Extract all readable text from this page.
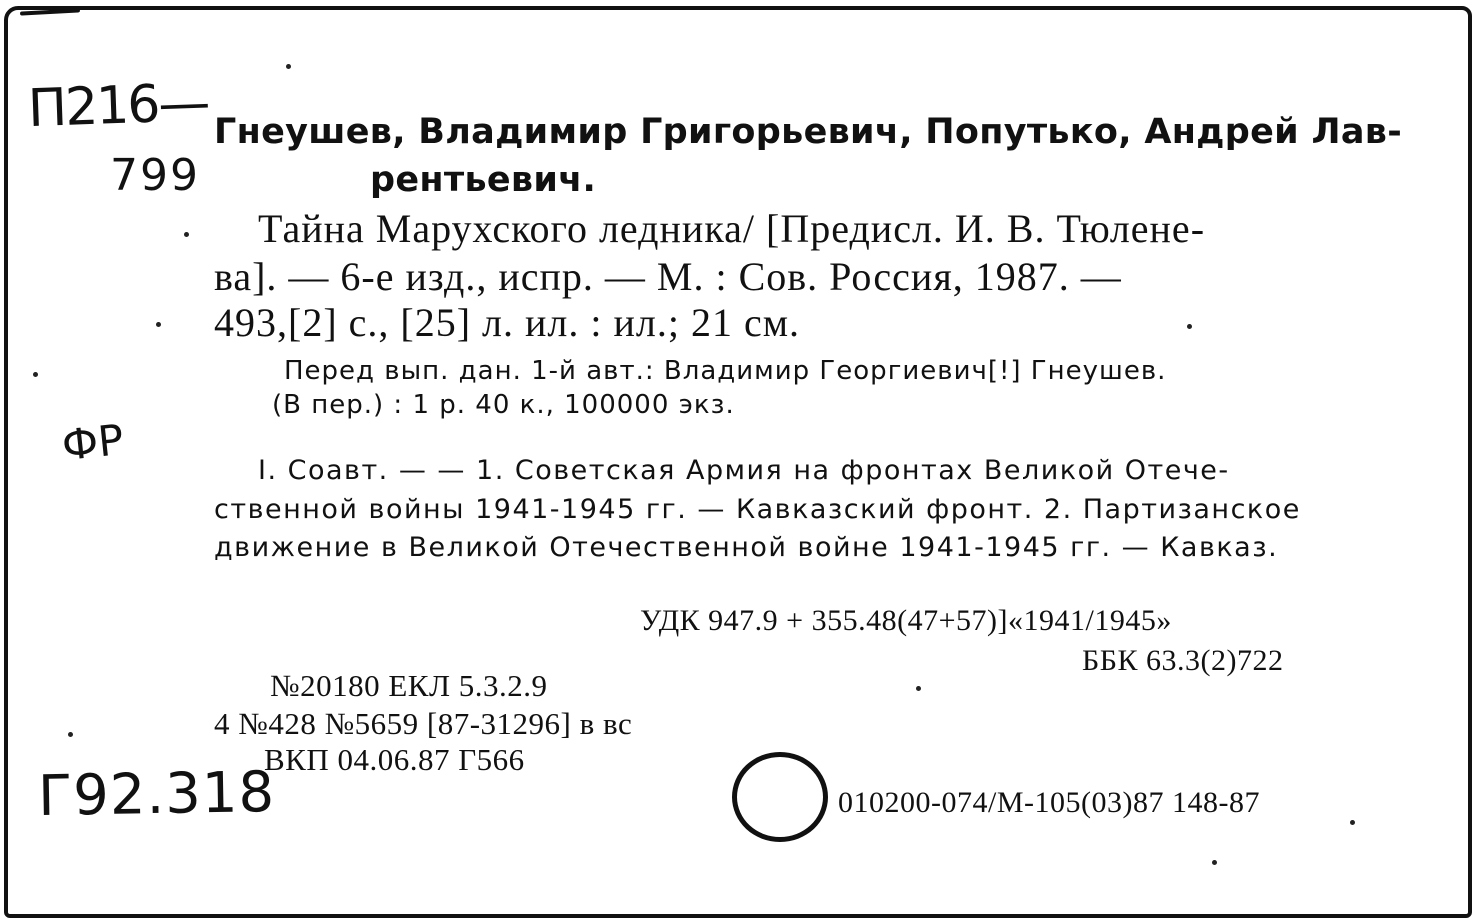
П216—
799
ФР
Г92.318
Гнеушев, Владимир Григорьевич, Попутько, Андрей Лав-
рентьевич.
Тайна Марухского ледника/ [Предисл. И. В. Тюлене-
ва]. — 6-е изд., испр. — М. : Сов. Россия, 1987. —
493,[2] с., [25] л. ил. : ил.; 21 см.
Перед вып. дан. 1-й авт.: Владимир Георгиевич[!] Гнеушев.
(В пер.) : 1 р. 40 к., 100000 экз.
I. Соавт. — — 1. Советская Армия на фронтах Великой Отече-
ственной войны 1941-1945 гг. — Кавказский фронт. 2. Партизанское
движение в Великой Отечественной войне 1941-1945 гг. — Кавказ.
УДК 947.9 + 355.48(47+57)]«1941/1945»
ББК 63.3(2)722
№20180 ЕКЛ 5.3.2.9
4 №428 №5659 [87-31296] в вс
ВКП 04.06.87 Г566
010200-074/М-105(03)87 148-87
